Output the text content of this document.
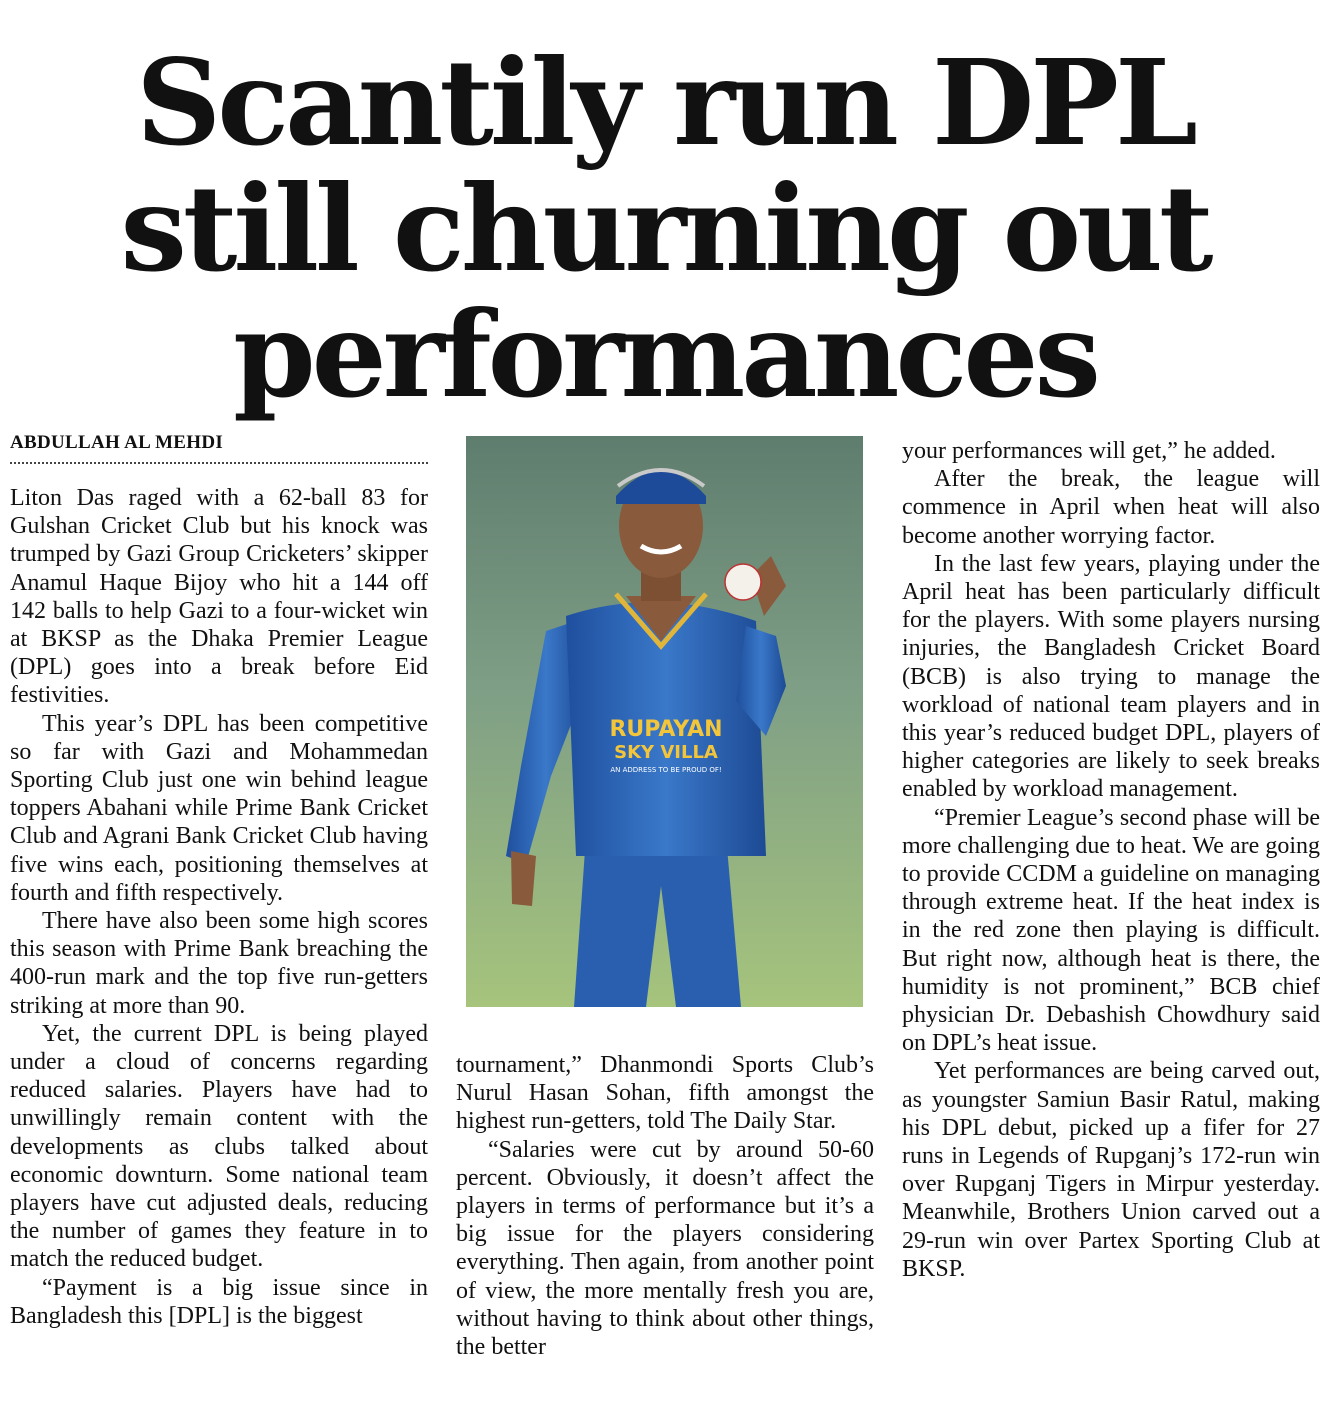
Scantily run DPL
still churning out
performances
ABDULLAH AL MEHDI

Liton Das raged with a 62-ball 83 for Gulshan Cricket Club but his knock was trumped by Gazi Group Cricketers’ skipper Anamul Haque Bijoy who hit a 144 off 142 balls to help Gazi to a four-wicket win at BKSP as the Dhaka Premier League (DPL) goes into a break before Eid festivities.

This year’s DPL has been competitive so far with Gazi and Mohammedan Sporting Club just one win behind league toppers Abahani while Prime Bank Cricket Club and Agrani Bank Cricket Club having five wins each, positioning themselves at fourth and fifth respectively.

There have also been some high scores this season with Prime Bank breaching the 400-run mark and the top five run-getters striking at more than 90.

Yet, the current DPL is being played under a cloud of concerns regarding reduced salaries. Players have had to unwillingly remain content with the developments as clubs talked about economic downturn. Some national team players have cut adjusted deals, reducing the number of games they feature in to match the reduced budget.

“Payment is a big issue since in Bangladesh this [DPL] is the biggest

RUPAYAN
SKY VILLA
AN ADDRESS TO BE PROUD OF!

tournament,” Dhanmondi Sports Club’s Nurul Hasan Sohan, fifth amongst the highest run-getters, told The Daily Star.

“Salaries were cut by around 50-60 percent. Obviously, it doesn’t affect the players in terms of performance but it’s a big issue for the players considering everything. Then again, from another point of view, the more mentally fresh you are, without having to think about other things, the better

your performances will get,” he added.

After the break, the league will commence in April when heat will also become another worrying factor.

In the last few years, playing under the April heat has been particularly difficult for the players. With some players nursing injuries, the Bangladesh Cricket Board (BCB) is also trying to manage the workload of national team players and in this year’s reduced budget DPL, players of higher categories are likely to seek breaks enabled by workload management.

“Premier League’s second phase will be more challenging due to heat. We are going to provide CCDM a guideline on managing through extreme heat. If the heat index is in the red zone then playing is difficult. But right now, although heat is there, the humidity is not prominent,” BCB chief physician Dr. Debashish Chowdhury said on DPL’s heat issue.

Yet performances are being carved out, as youngster Samiun Basir Ratul, making his DPL debut, picked up a fifer for 27 runs in Legends of Rupganj’s 172-run win over Rupganj Tigers in Mirpur yesterday. Meanwhile, Brothers Union carved out a 29-run win over Partex Sporting Club at BKSP.
